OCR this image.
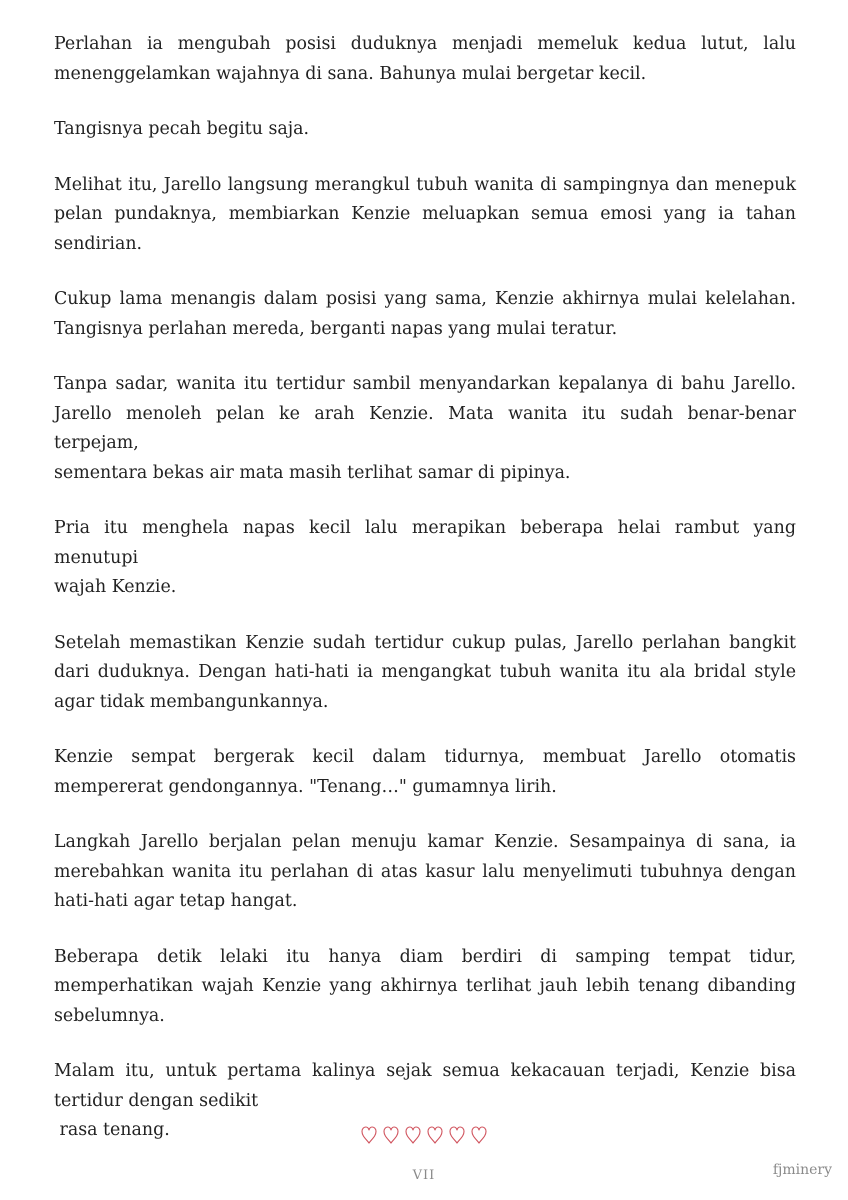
Perlahan ia mengubah posisi duduknya menjadi memeluk kedua lutut, lalu
menenggelamkan wajahnya di sana. Bahunya mulai bergetar kecil.

Tangisnya pecah begitu saja.

Melihat itu, Jarello langsung merangkul tubuh wanita di sampingnya dan menepuk
pelan pundaknya, membiarkan Kenzie meluapkan semua emosi yang ia tahan
sendirian.

Cukup lama menangis dalam posisi yang sama, Kenzie akhirnya mulai kelelahan.
Tangisnya perlahan mereda, berganti napas yang mulai teratur.

Tanpa sadar, wanita itu tertidur sambil menyandarkan kepalanya di bahu Jarello.
Jarello menoleh pelan ke arah Kenzie. Mata wanita itu sudah benar-benar terpejam,
sementara bekas air mata masih terlihat samar di pipinya.

Pria itu menghela napas kecil lalu merapikan beberapa helai rambut yang menutupi
wajah Kenzie.

Setelah memastikan Kenzie sudah tertidur cukup pulas, Jarello perlahan bangkit
dari duduknya. Dengan hati-hati ia mengangkat tubuh wanita itu ala bridal style
agar tidak membangunkannya.

Kenzie sempat bergerak kecil dalam tidurnya, membuat Jarello otomatis
mempererat gendongannya. "Tenang…" gumamnya lirih.

Langkah Jarello berjalan pelan menuju kamar Kenzie. Sesampainya di sana, ia
merebahkan wanita itu perlahan di atas kasur lalu menyelimuti tubuhnya dengan
hati-hati agar tetap hangat.

Beberapa detik lelaki itu hanya diam berdiri di samping tempat tidur,
memperhatikan wajah Kenzie yang akhirnya terlihat jauh lebih tenang dibanding
sebelumnya.

Malam itu, untuk pertama kalinya sejak semua kekacauan terjadi, Kenzie bisa
tertidur dengan sedikit
rasa tenang.

VII	fjminery
